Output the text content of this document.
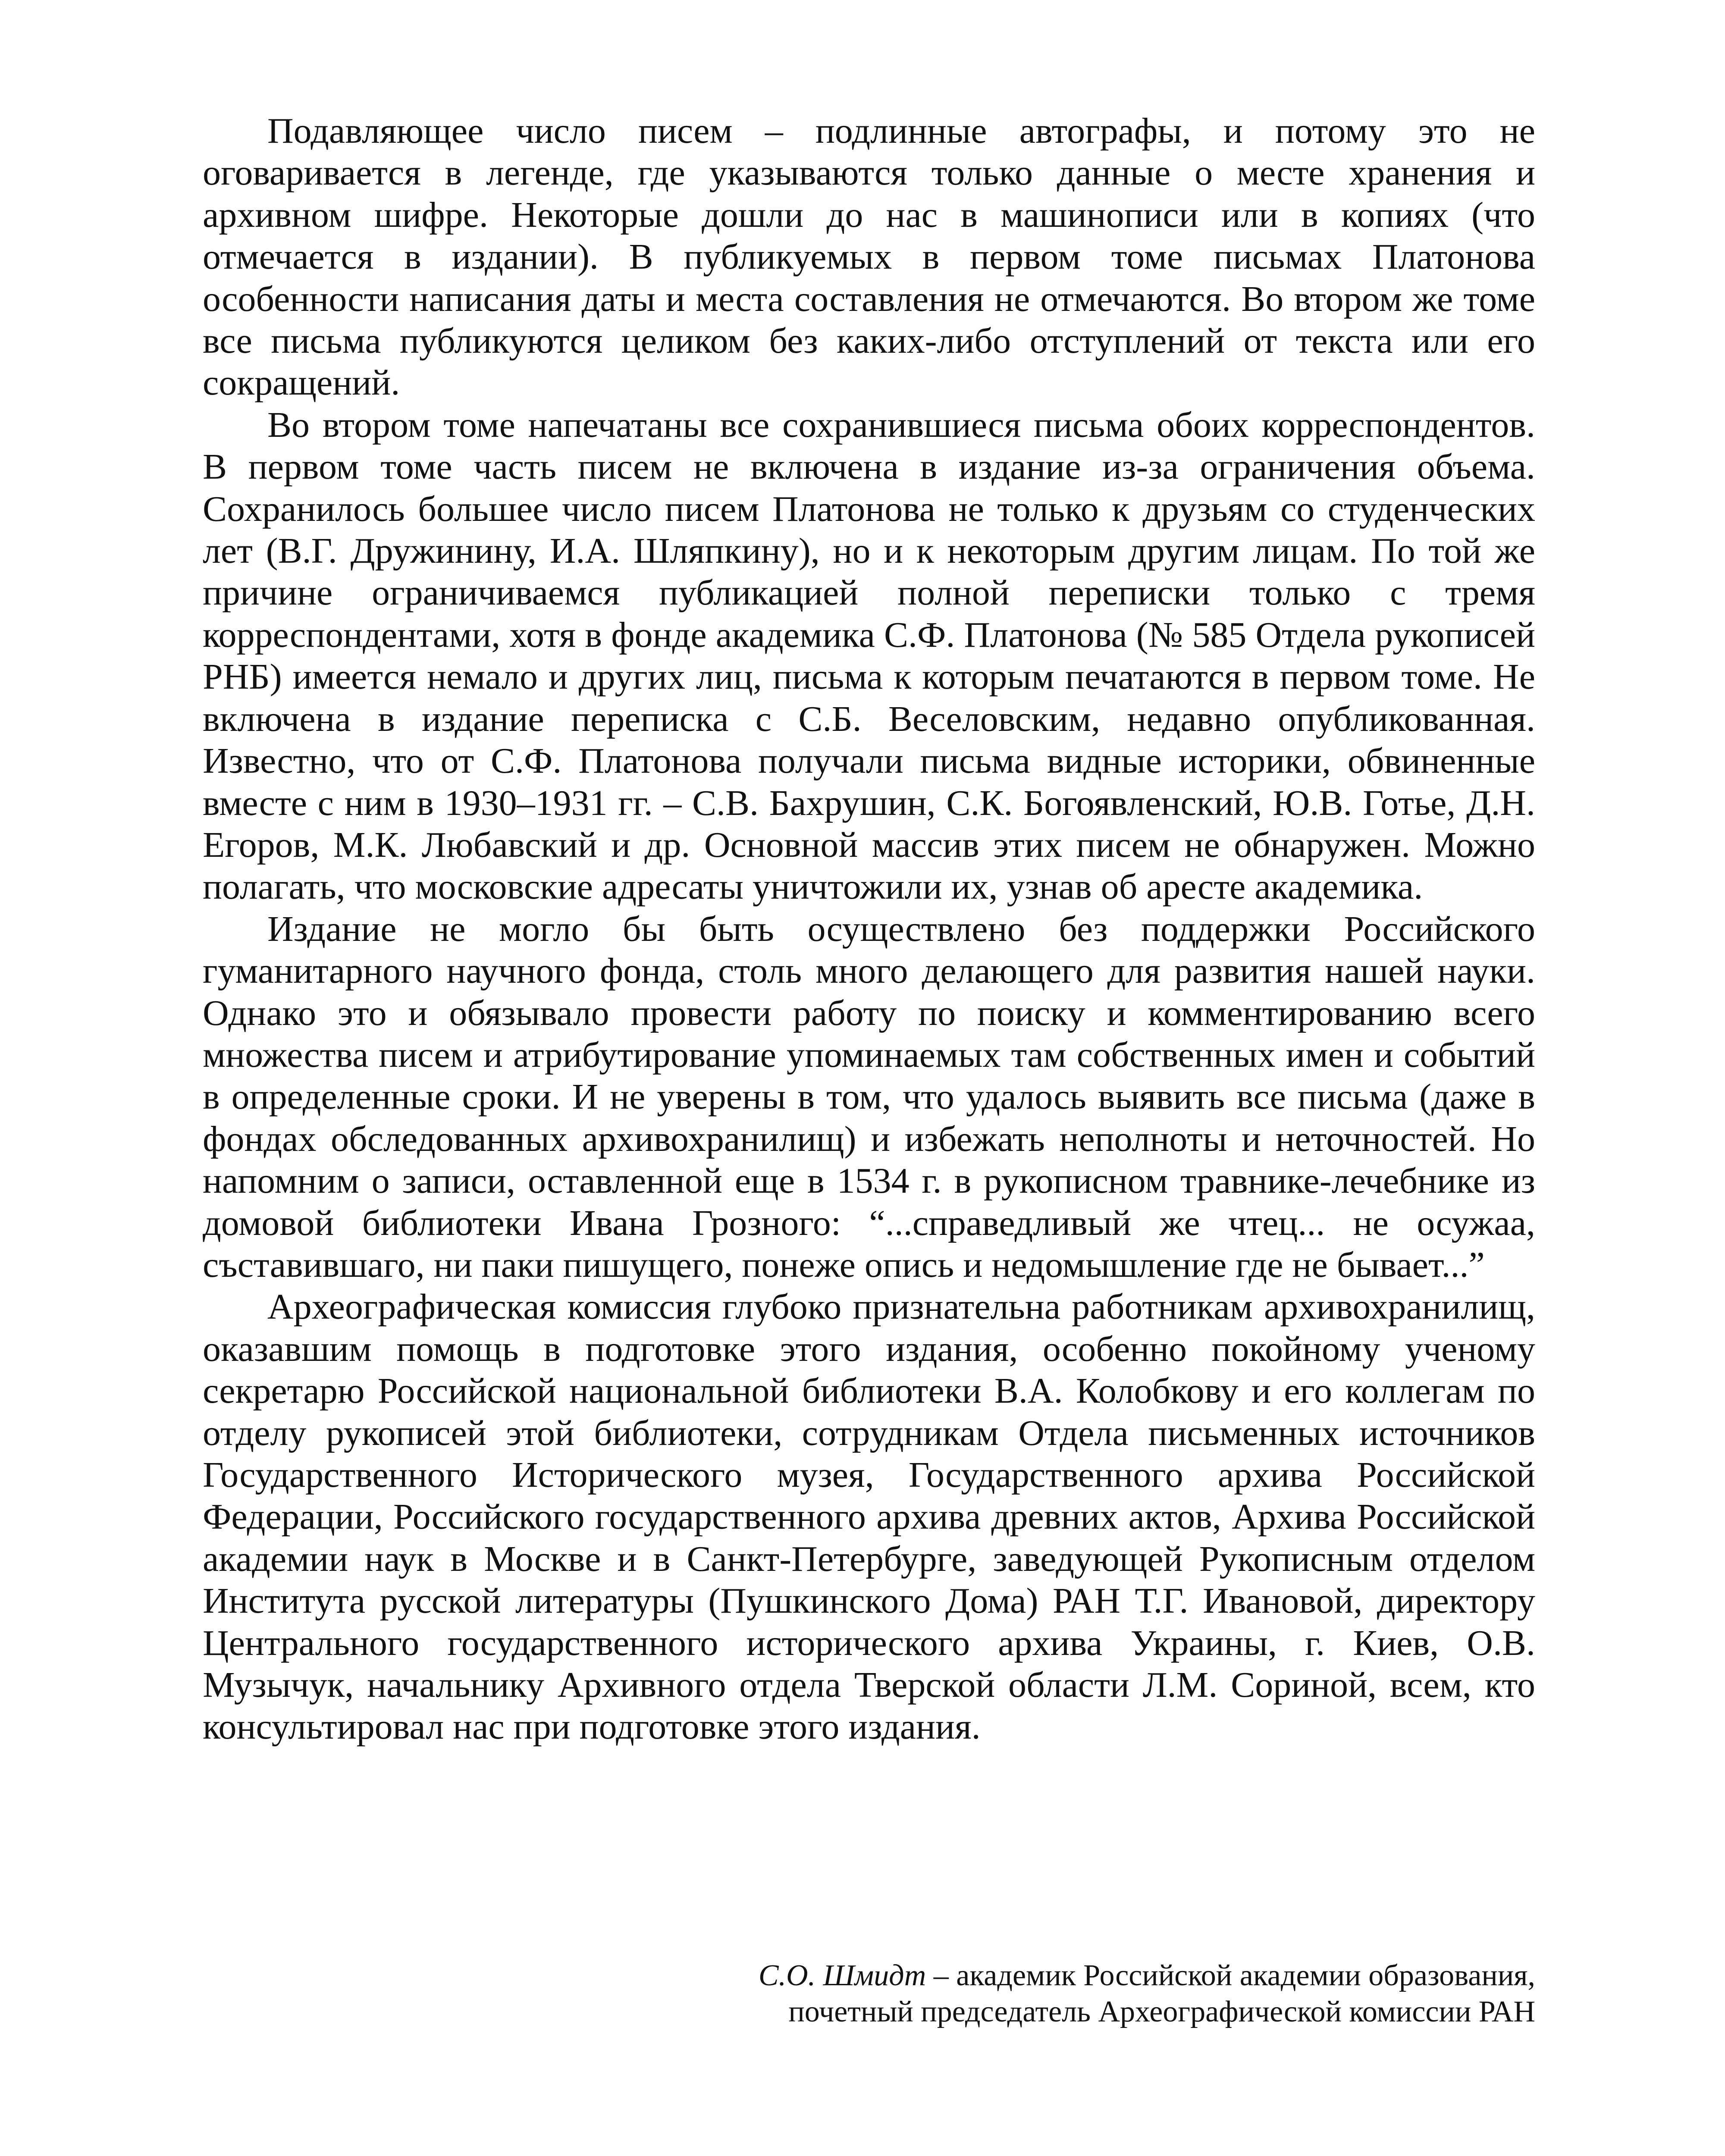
Подавляющее число писем – подлинные автографы, и потому это не оговаривается в легенде, где указываются только данные о месте хранения и архивном шифре. Некоторые дошли до нас в машинописи или в копиях (что отмечается в издании). В публикуемых в первом томе письмах Платонова особенности написания даты и места составления не отмечаются. Во втором же томе все письма публикуются целиком без каких-либо отступлений от текста или его сокращений.

Во втором томе напечатаны все сохранившиеся письма обоих корреспондентов. В первом томе часть писем не включена в издание из-за ограничения объема. Сохранилось большее число писем Платонова не только к друзьям со студенческих лет (В.Г. Дружинину, И.А. Шляпкину), но и к некоторым другим лицам. По той же причине ограничиваемся публикацией полной переписки только с тремя корреспондентами, хотя в фонде академика С.Ф. Платонова (№ 585 Отдела рукописей РНБ) имеется немало и других лиц, письма к которым печатаются в первом томе. Не включена в издание переписка с С.Б. Веселовским, недавно опубликованная. Известно, что от С.Ф. Платонова получали письма видные историки, обвиненные вместе с ним в 1930–1931 гг. – С.В. Бахрушин, С.К. Богоявленский, Ю.В. Готье, Д.Н. Егоров, М.К. Любавский и др. Основной массив этих писем не обнаружен. Можно полагать, что московские адресаты уничтожили их, узнав об аресте академика.

Издание не могло бы быть осуществлено без поддержки Российского гуманитарного научного фонда, столь много делающего для развития нашей науки. Однако это и обязывало провести работу по поиску и комментированию всего множества писем и атрибутирование упоминаемых там собственных имен и событий в определенные сроки. И не уверены в том, что удалось выявить все письма (даже в фондах обследованных архивохранилищ) и избежать неполноты и неточностей. Но напомним о записи, оставленной еще в 1534 г. в рукописном травнике-лечебнике из домовой библиотеки Ивана Грозного: “...справедливый же чтец... не осужаа, съставившаго, ни паки пишущего, понеже опись и недомышление где не бывает...”

Археографическая комиссия глубоко признательна работникам архивохранилищ, оказавшим помощь в подготовке этого издания, особенно покойному ученому секретарю Российской национальной библиотеки В.А. Колобкову и его коллегам по отделу рукописей этой библиотеки, сотрудникам Отдела письменных источников Государственного Исторического музея, Государственного архива Российской Федерации, Российского государственного архива древних актов, Архива Российской академии наук в Москве и в Санкт-Петербурге, заведующей Рукописным отделом Института русской литературы (Пушкинского Дома) РАН Т.Г. Ивановой, директору Центрального государственного исторического архива Украины, г. Киев, О.В. Музычук, начальнику Архивного отдела Тверской области Л.М. Сориной, всем, кто консультировал нас при подготовке этого издания.

С.О. Шмидт – академик Российской академии образования,
почетный председатель Археографической комиссии РАН
